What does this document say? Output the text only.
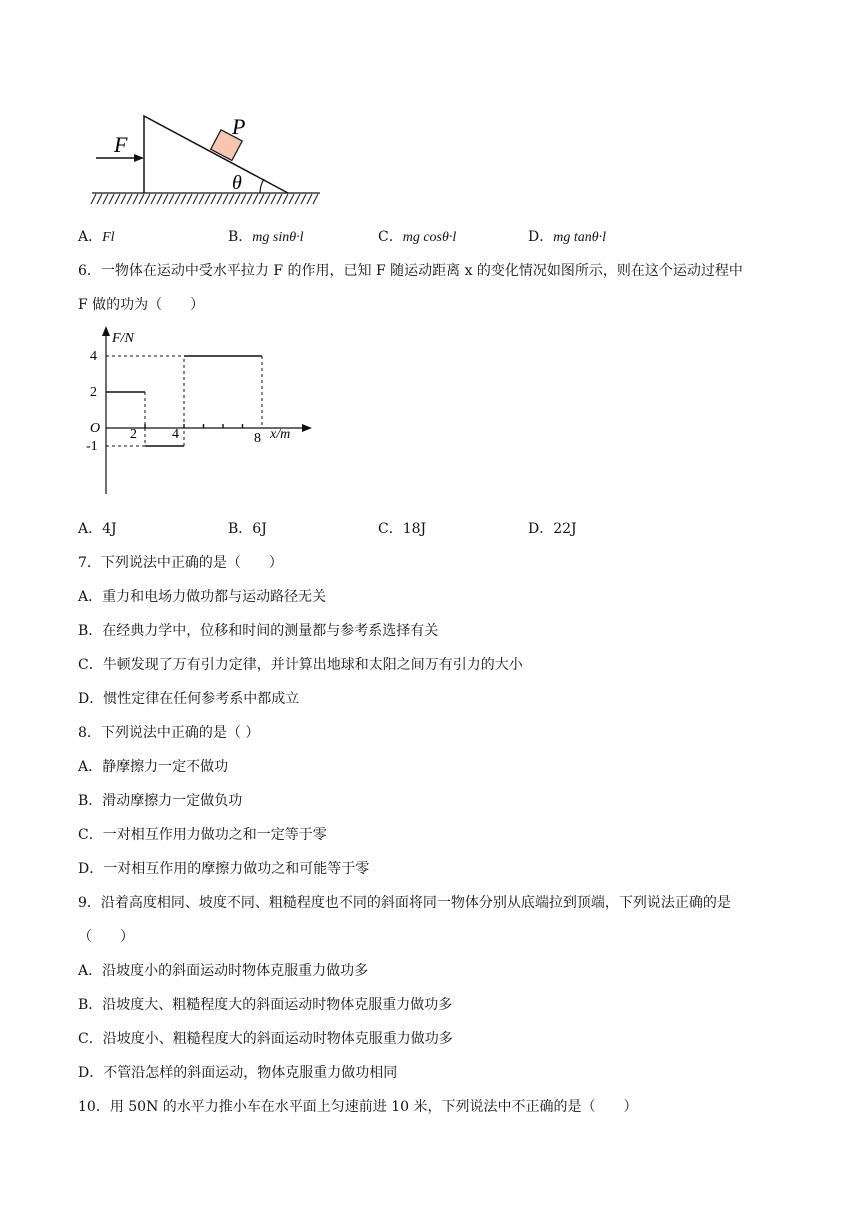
F
P
θ
A．Fl	B．mg sinθ·l	C．mg cosθ·l	D．mg tanθ·l
6．一物体在运动中受水平拉力 F 的作用，已知 F 随运动距离 x 的变化情况如图所示，则在这个运动过程中
F 做的功为（　　）
F/N
x/m
O
4
2
-1
2	4	8
A．4J	B．6J	C．18J	D．22J
7．下列说法中正确的是（　　）
A．重力和电场力做功都与运动路径无关
B．在经典力学中，位移和时间的测量都与参考系选择有关
C．牛顿发现了万有引力定律，并计算出地球和太阳之间万有引力的大小
D．惯性定律在任何参考系中都成立
8．下列说法中正确的是（ ）
A．静摩擦力一定不做功
B．滑动摩擦力一定做负功
C．一对相互作用力做功之和一定等于零
D．一对相互作用的摩擦力做功之和可能等于零
9．沿着高度相同、坡度不同、粗糙程度也不同的斜面将同一物体分别从底端拉到顶端，下列说法正确的是
（　　）
A．沿坡度小的斜面运动时物体克服重力做功多
B．沿坡度大、粗糙程度大的斜面运动时物体克服重力做功多
C．沿坡度小、粗糙程度大的斜面运动时物体克服重力做功多
D．不管沿怎样的斜面运动，物体克服重力做功相同
10．用 50N 的水平力推小车在水平面上匀速前进 10 米，下列说法中不正确的是（　　）
